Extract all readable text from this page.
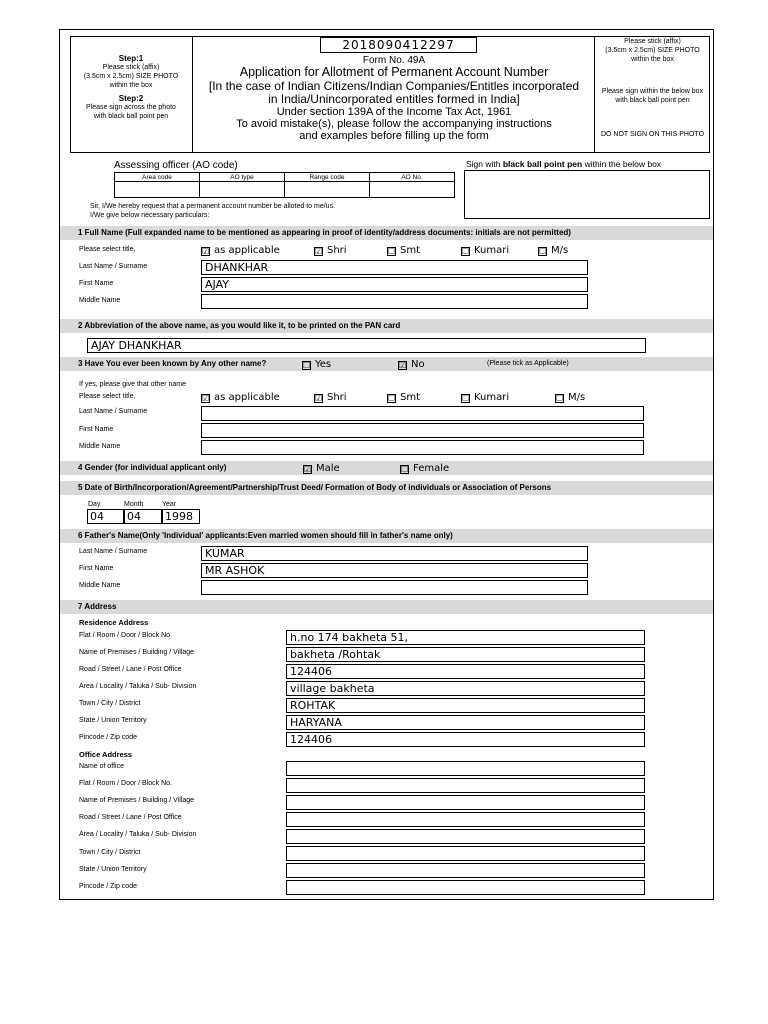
Step:1
Please stick (affix)
(3.5cm x 2.5cm) SIZE PHOTO
within the box
Step:2
Please sign across the photo
with black ball point pen
Please stick (affix)
(3.5cm x 2.5cm) SIZE PHOTO
within the box
Please sign within the below box
with black ball point pen
DO NOT SIGN ON THIS PHOTO
2018090412297
Form No. 49A
Application for Allotment of Permanent Account Number
[In the case of Indian Citizens/Indian Companies/Entitles incorporated
in India/Unincorporated entitles formed in India]
Under section 139A of the Income Tax Act, 1961
To avoid mistake(s), please follow the accompanying instructions
and examples before filling up the form
Assessing officer (AO code)
Area code	AO type	Range code	AO No.

Sign with black ball point pen within the below box
Sir, I/We hereby request that a permanent account number be alloted to me/us.
I/We give below necessary particulars:
1 Full Name (Full expanded name to be mentioned as appearing in proof of identity/address documents: initials are not permitted)
Please select title,	☑ as applicable	☑ Shri	☐ Smt	☐ Kumari	☐ M/s
Last Name / Surname	DHANKHAR
First Name	AJAY
Middle Name
2 Abbreviation of the above name, as you would like it, to be printed on the PAN card
AJAY DHANKHAR
3 Have You ever been known by Any other name?	☐ Yes	☑ No	(Please tick as Applicable)
If yes, please give that other name
Please select title,	☑ as applicable	☑ Shri	☐ Smt	☐ Kumari	☐ M/s
Last Name / Surname
First Name
Middle Name
4 Gender (for individual applicant only)	☑ Male	☐ Female
5 Date of Birth/Incorporation/Agreement/Partnership/Trust Deed/ Formation of Body of individuals or Association of Persons
Day	Month	Year
04	04	1998
6 Father's Name(Only 'Individual' applicants:Even married women should fill in father's name only)
Last Name / Surname	KUMAR
First Name	MR ASHOK
Middle Name
7 Address
Residence Address
Flat / Room / Door / Block No.	h.no 174 bakheta 51,
Name of Premises / Building / Village	bakheta /Rohtak
Road / Street / Lane / Post Office	124406
Area / Locality / Taluka / Sub- Division	village bakheta
Town / City / District	ROHTAK
State / Union Territory	HARYANA
Pincode / Zip code	124406
Office Address
Name of office
Flat / Room / Door / Block No.
Name of Premises / Building / Village
Road / Street / Lane / Post Office
Area / Locality / Taluka / Sub- Division
Town / City / District
State / Union Territory
Pincode / Zip code
